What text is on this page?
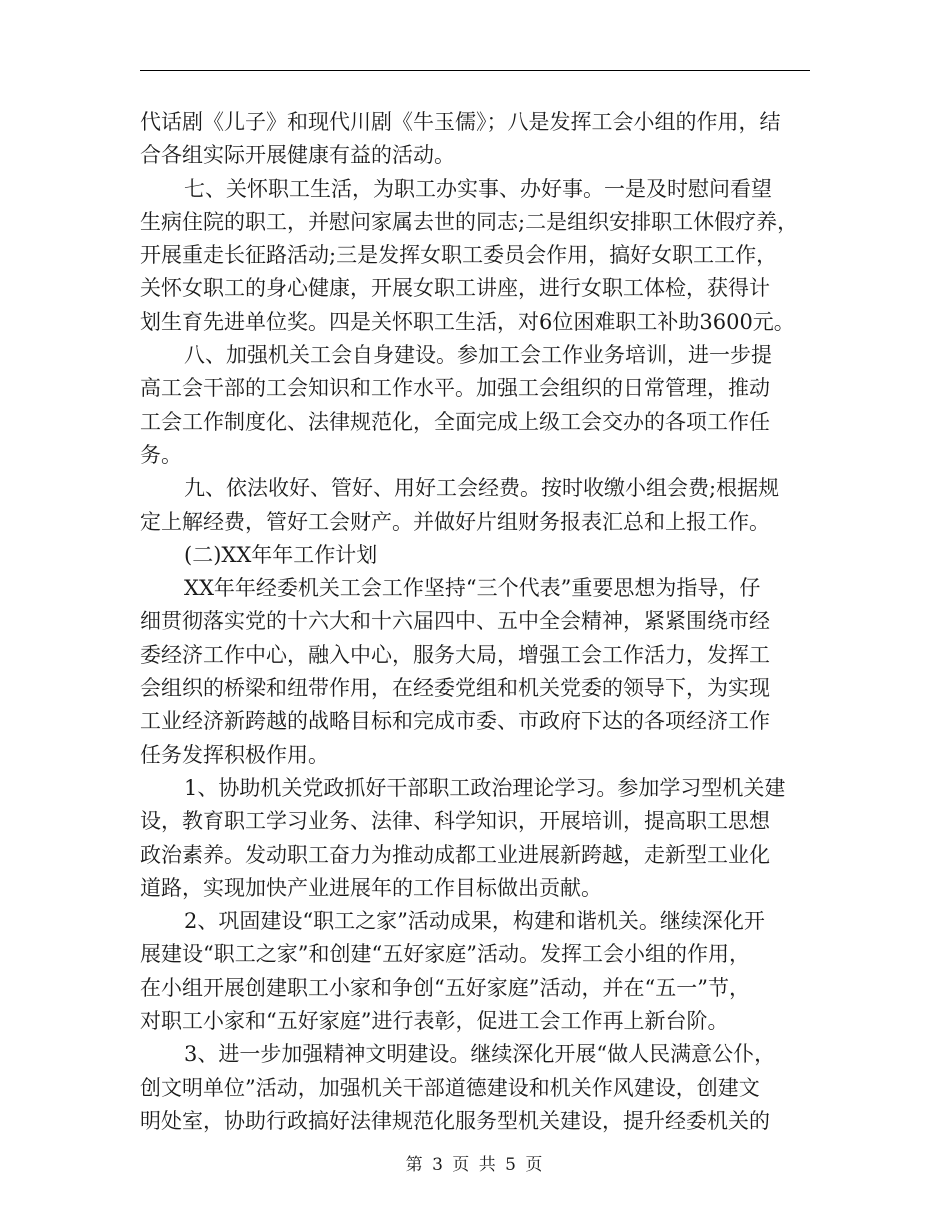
代话剧《儿子》和现代川剧《牛玉儒》；八是发挥工会小组的作用，结
合各组实际开展健康有益的活动。
七、关怀职工生活，为职工办实事、办好事。一是及时慰问看望
生病住院的职工，并慰问家属去世的同志;二是组织安排职工休假疗养，
开展重走长征路活动;三是发挥女职工委员会作用，搞好女职工工作，
关怀女职工的身心健康，开展女职工讲座，进行女职工体检，获得计
划生育先进单位奖。四是关怀职工生活，对6位困难职工补助3600元。
八、加强机关工会自身建设。参加工会工作业务培训，进一步提
高工会干部的工会知识和工作水平。加强工会组织的日常管理，推动
工会工作制度化、法律规范化，全面完成上级工会交办的各项工作任
务。
九、依法收好、管好、用好工会经费。按时收缴小组会费;根据规
定上解经费，管好工会财产。并做好片组财务报表汇总和上报工作。
(二)XX年年工作计划
XX年年经委机关工会工作坚持“三个代表”重要思想为指导，仔
细贯彻落实党的十六大和十六届四中、五中全会精神，紧紧围绕市经
委经济工作中心，融入中心，服务大局，增强工会工作活力，发挥工
会组织的桥梁和纽带作用，在经委党组和机关党委的领导下，为实现
工业经济新跨越的战略目标和完成市委、市政府下达的各项经济工作
任务发挥积极作用。
1、协助机关党政抓好干部职工政治理论学习。参加学习型机关建
设，教育职工学习业务、法律、科学知识，开展培训，提高职工思想
政治素养。发动职工奋力为推动成都工业进展新跨越，走新型工业化
道路，实现加快产业进展年的工作目标做出贡献。
2、巩固建设“职工之家”活动成果，构建和谐机关。继续深化开
展建设“职工之家”和创建“五好家庭”活动。发挥工会小组的作用，
在小组开展创建职工小家和争创“五好家庭”活动，并在“五一”节，
对职工小家和“五好家庭”进行表彰，促进工会工作再上新台阶。
3、进一步加强精神文明建设。继续深化开展“做人民满意公仆，
创文明单位”活动，加强机关干部道德建设和机关作风建设，创建文
明处室，协助行政搞好法律规范化服务型机关建设，提升经委机关的
第 3 页 共 5 页
